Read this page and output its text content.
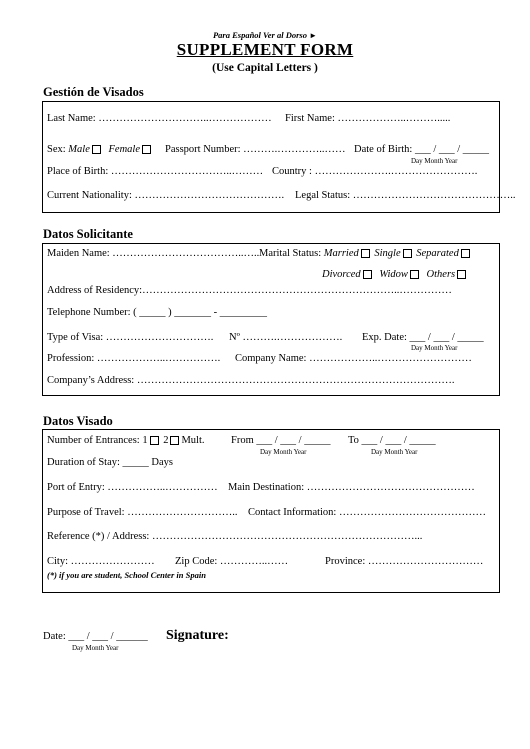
Para Español Ver al Dorso ►
SUPPLEMENT FORM
(Use Capital Letters )
Gestión de Visados
Last Name: …………………………..……………… First Name: ………………..……….....
Sex: Male Female	Passport Number: ……….…………..…… Date of Birth: ___ / ___ / _____
Day Month Year
Place of Birth: ……………………………..……… Country : ………………….…………………….
Current Nationality: ……………………………………. Legal Status: ………………………………………..
Datos Solicitante
Maiden Name: ………………………………..….. Marital Status: Married Single Separated
Divorced Widow Others
Address of Residency:………………………………………………………………..……………
Telephone Number: ( _____ ) _______ - _________
Type of Visa: …………………………. Nº ……….………………. Exp. Date: ___ / ___ / _____
Day Month Year
Profession: ………………..……………. Company Name: ………………..………………………
Company’s Address: ……………………………………………………………………………….
Datos Visado
Number of Entrances: 1 2 Mult.	From ___ / ___ / _____
Day Month Year
To ___ / ___ / _____
Day Month Year
Duration of Stay: _____ Days
Port of Entry: ……………..…………… Main Destination: …………………………………………
Purpose of Travel: ………………………….. Contact Information: ……………………………………
Reference (*) / Address: …………………………………………………………………...
City: …………………… Zip Code: …………..……	Province: ……………………………
(*) if you are student, School Center in Spain
Date: ___ / ___ / ______
Day Month Year
Signature:
